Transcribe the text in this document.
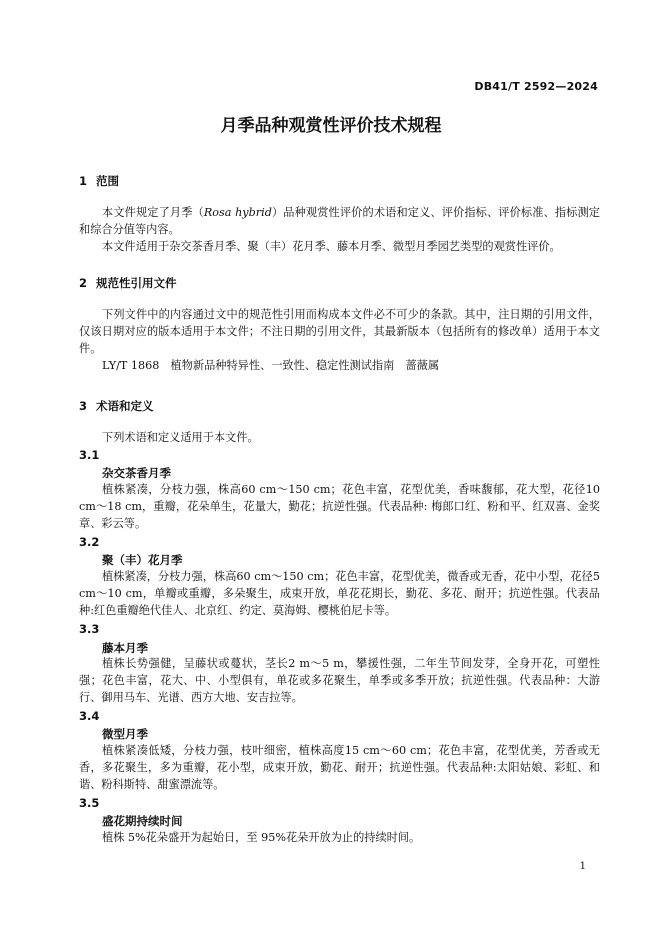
DB41/T 2592—2024
月季品种观赏性评价技术规程
1 范围
本文件规定了月季（Rosa hybrid）品种观赏性评价的术语和定义、评价指标、评价标准、指标测定和综合分值等内容。
本文件适用于杂交茶香月季、聚（丰）花月季、藤本月季、微型月季园艺类型的观赏性评价。
2 规范性引用文件
下列文件中的内容通过文中的规范性引用而构成本文件必不可少的条款。其中，注日期的引用文件，仅该日期对应的版本适用于本文件；不注日期的引用文件，其最新版本（包括所有的修改单）适用于本文件。
LY/T 1868　植物新品种特异性、一致性、稳定性测试指南　蔷薇属
3 术语和定义
下列术语和定义适用于本文件。
3.1
杂交茶香月季
植株紧凑，分枝力强，株高60 cm～150 cm；花色丰富，花型优美，香味馥郁，花大型，花径10 cm～18 cm，重瓣，花朵单生，花量大，勤花；抗逆性强。代表品种: 梅郎口红、粉和平、红双喜、金奖章、彩云等。
3.2
聚（丰）花月季
植株紧凑，分枝力强，株高60 cm～150 cm；花色丰富，花型优美，微香或无香，花中小型，花径5 cm～10 cm，单瓣或重瓣，多朵聚生，成束开放，单花花期长，勤花、多花、耐开；抗逆性强。代表品种:红色重瓣绝代佳人、北京红、约定、莫海姆、樱桃伯尼卡等。
3.3
藤本月季
植株长势强健，呈藤状或蔓状，茎长2 m～5 m，攀援性强，二年生节间发芽，全身开花，可塑性强；花色丰富，花大、中、小型俱有，单花或多花聚生，单季或多季开放；抗逆性强。代表品种：大游行、御用马车、光谱、西方大地、安吉拉等。
3.4
微型月季
植株紧凑低矮，分枝力强，枝叶细密，植株高度15 cm～60 cm；花色丰富，花型优美，芳香或无香，多花聚生，多为重瓣，花小型，成束开放，勤花、耐开；抗逆性强。代表品种:太阳姑娘、彩虹、和谐、粉科斯特、甜蜜漂流等。
3.5
盛花期持续时间
植株 5%花朵盛开为起始日，至 95%花朵开放为止的持续时间。
1
